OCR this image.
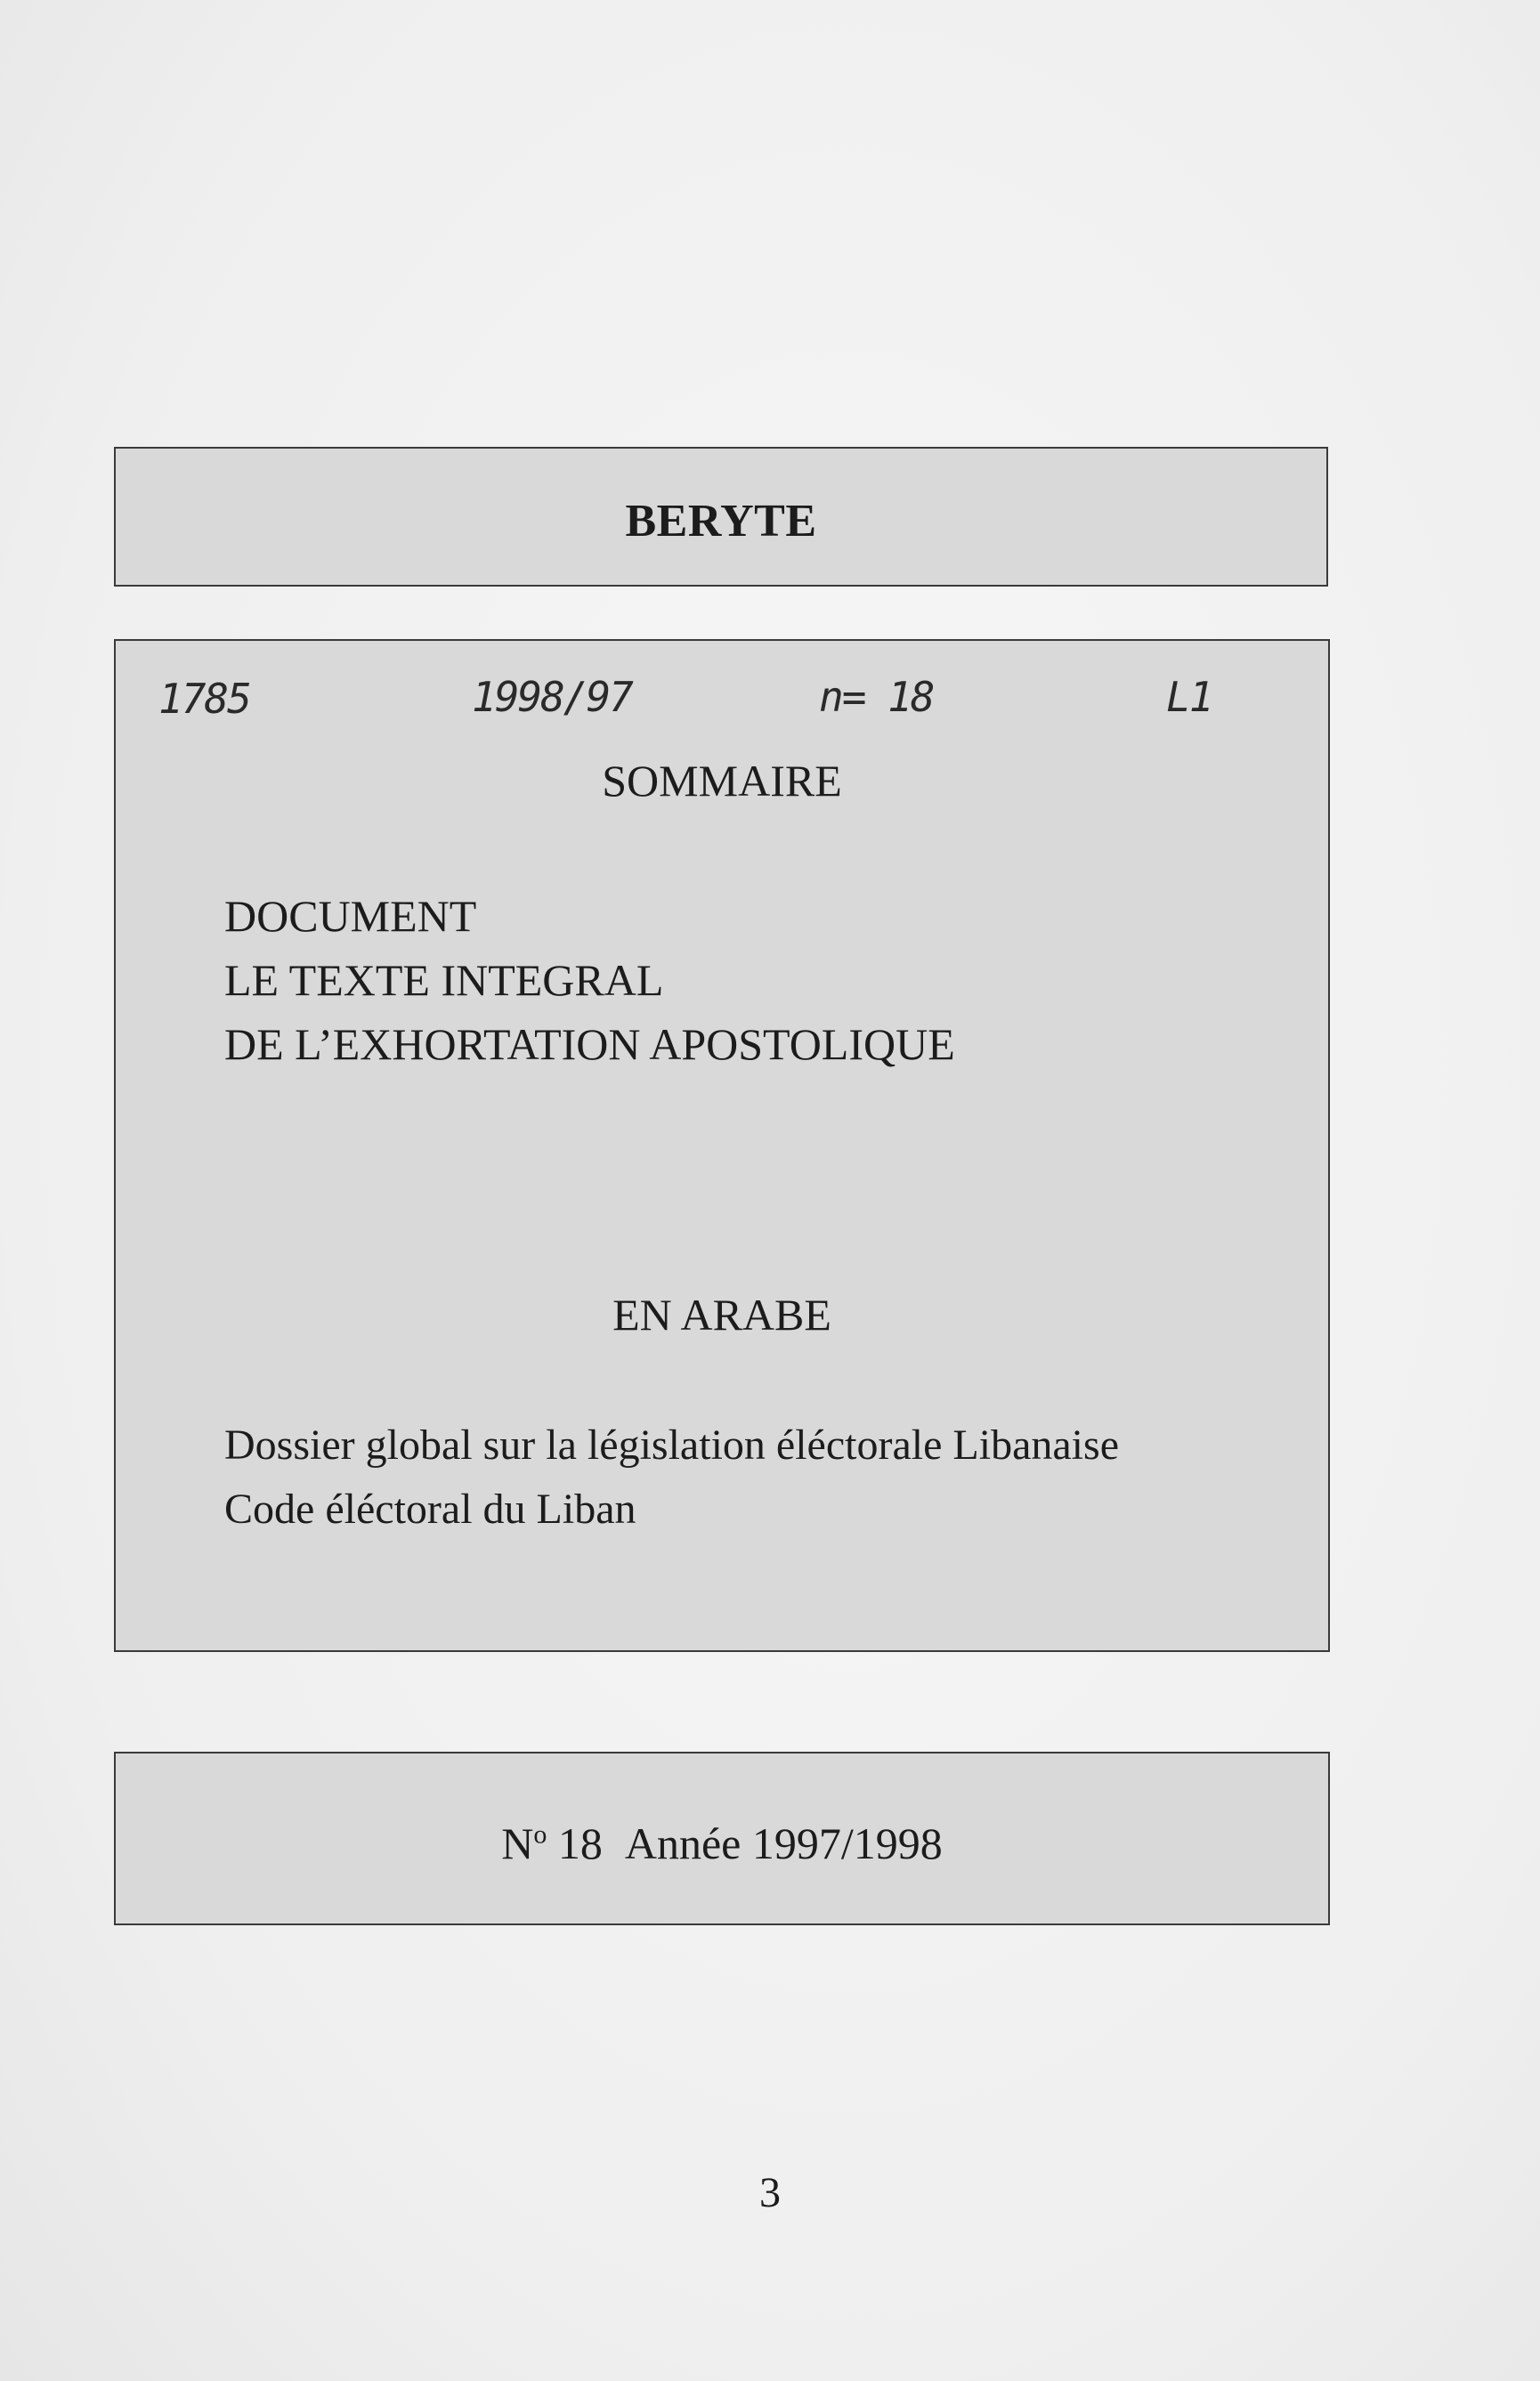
BERYTE
1785	1998/97	n= 18	L1
SOMMAIRE
DOCUMENT
LE TEXTE INTEGRAL
DE L’EXHORTATION APOSTOLIQUE
EN ARABE
Dossier global sur la législation éléctorale Libanaise
Code éléctoral du Liban
$N^o$ 18 Année 1997/1998
3
